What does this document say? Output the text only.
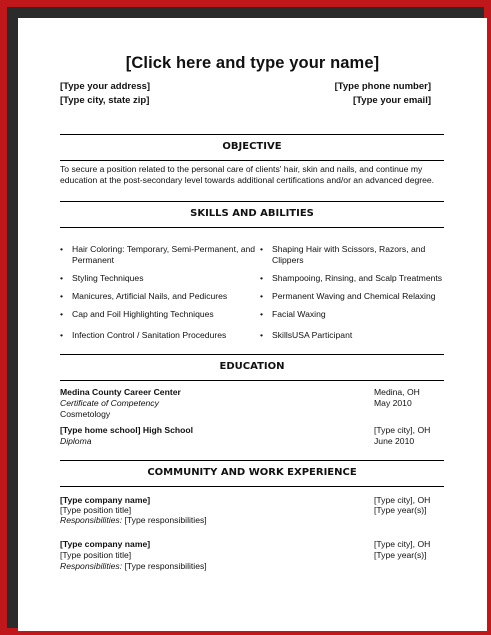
[Click here and type your name]
[Type your address]
[Type city, state zip]
[Type phone number]
[Type your email]
OBJECTIVE
To secure a position related to the personal care of clients' hair, skin and nails, and continue my education at the post-secondary level towards additional certifications and/or an advanced degree.
SKILLS AND ABILITIES
• Hair Coloring: Temporary, Semi-Permanent, and Permanent
• Styling Techniques
• Manicures, Artificial Nails, and Pedicures
• Cap and Foil Highlighting Techniques
• Infection Control / Sanitation Procedures
• Shaping Hair with Scissors, Razors, and Clippers
• Shampooing, Rinsing, and Scalp Treatments
• Permanent Waving and Chemical Relaxing
• Facial Waxing
• SkillsUSA Participant
EDUCATION
Medina County Career Center
Certificate of Competency
Cosmetology
Medina, OH
May 2010
[Type home school] High School
Diploma
[Type city], OH
June 2010
COMMUNITY AND WORK EXPERIENCE
[Type company name]
[Type position title]
Responsibilities: [Type responsibilities]
[Type city], OH
[Type year(s)]
[Type company name]
[Type position title]
Responsibilities: [Type responsibilities]
[Type city], OH
[Type year(s)]
